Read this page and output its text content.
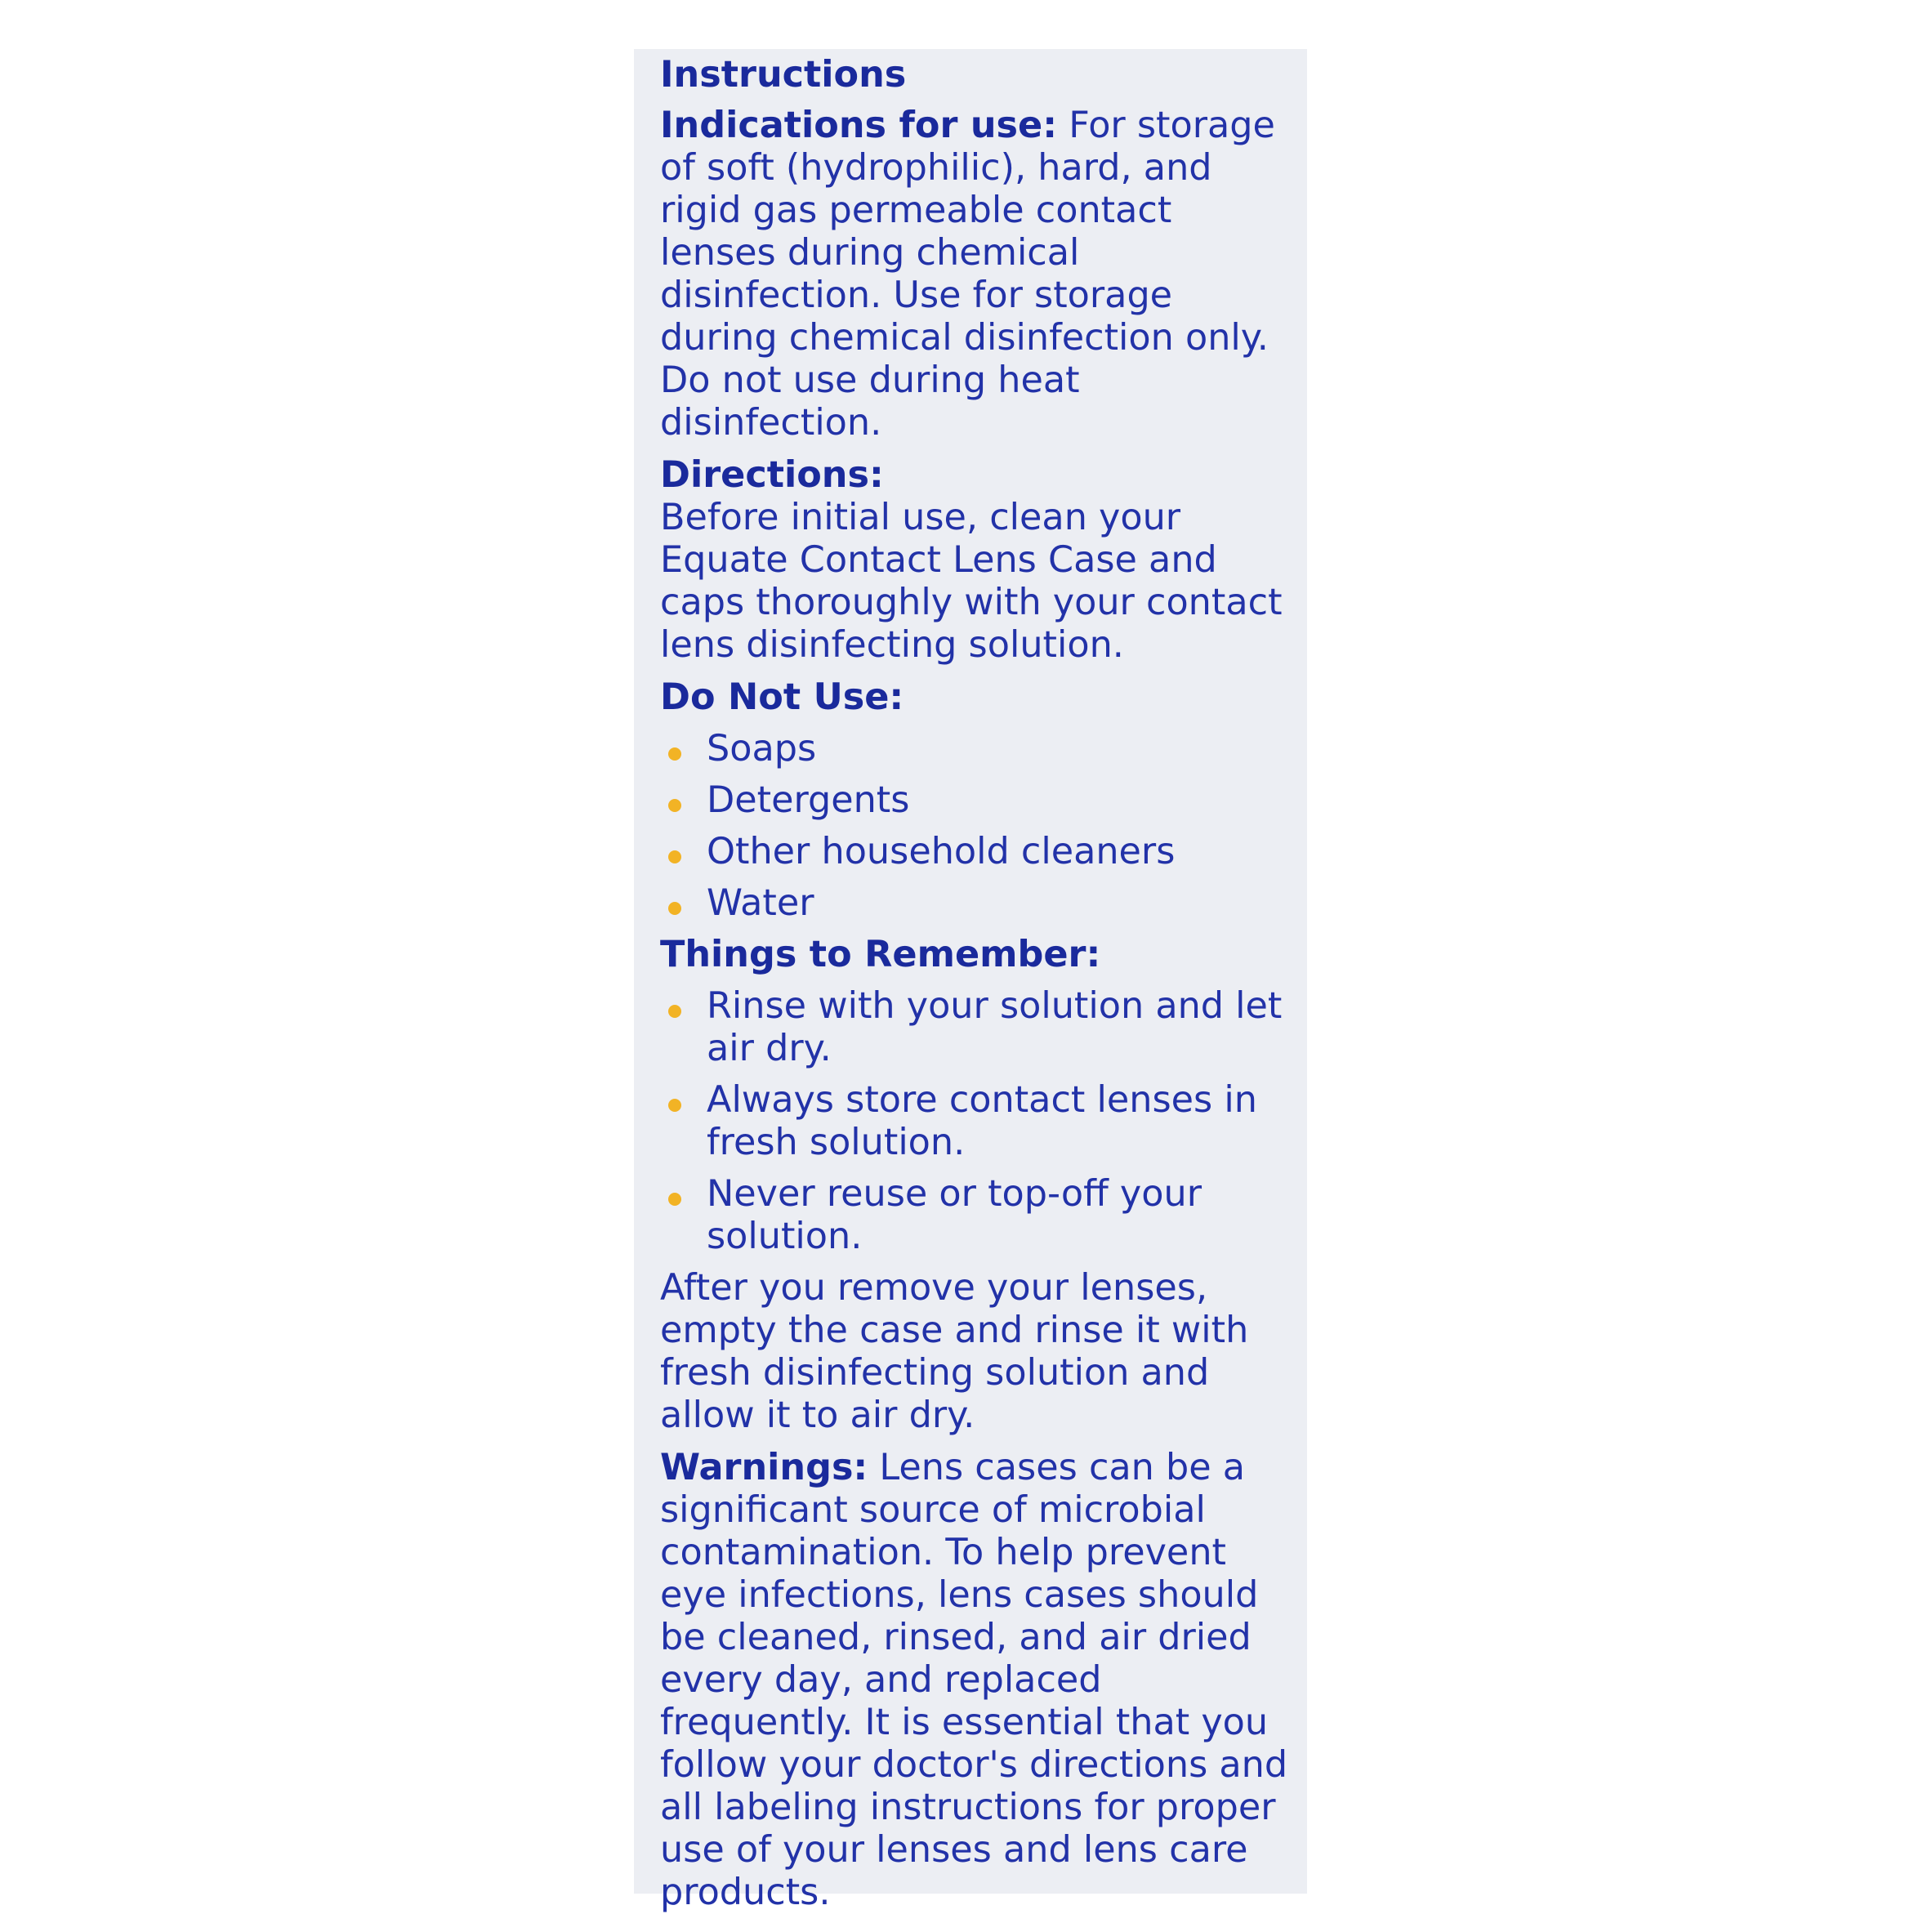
Instructions

Indications for use: For storage of soft (hydrophilic), hard, and rigid gas permeable contact lenses during chemical disinfection. Use for storage during chemical disinfection only. Do not use during heat disinfection.

Directions:
Before initial use, clean your Equate Contact Lens Case and caps thoroughly with your contact lens disinfecting solution.

Do Not Use:
Soaps
Detergents
Other household cleaners
Water
Things to Remember:
Rinse with your solution and let air dry.
Always store contact lenses in fresh solution.
Never reuse or top-off your solution.

After you remove your lenses, empty the case and rinse it with fresh disinfecting solution and allow it to air dry.

Warnings: Lens cases can be a significant source of microbial contamination. To help prevent eye infections, lens cases should be cleaned, rinsed, and air dried every day, and replaced frequently. It is essential that you follow your doctor's directions and all labeling instructions for proper use of your lenses and lens care products.
